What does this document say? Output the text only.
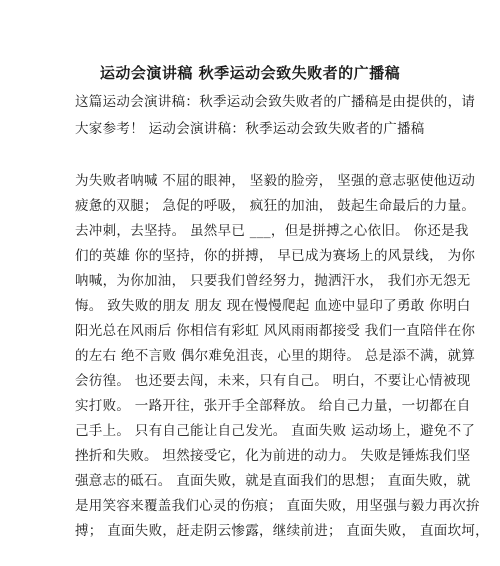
运动会演讲稿 秋季运动会致失败者的广播稿
这篇运动会演讲稿：秋季运动会致失败者的广播稿是由提供的，请
大家参考！ 运动会演讲稿：秋季运动会致失败者的广播稿
为失败者呐喊 不屈的眼神， 坚毅的脸旁， 坚强的意志驱使他迈动
疲惫的双腿； 急促的呼吸， 疯狂的加油， 鼓起生命最后的力量。
去冲刺，去坚持。 虽然早已 ___，但是拼搏之心依旧。 你还是我
们的英雄 你的坚持，你的拼搏， 早已成为赛场上的风景线， 为你
呐喊，为你加油， 只要我们曾经努力，抛洒汗水， 我们亦无怨无
悔。 致失败的朋友 朋友 现在慢慢爬起 血迹中显印了勇敢 你明白
阳光总在风雨后 你相信有彩虹 风风雨雨都接受 我们一直陪伴在你
的左右 绝不言败 偶尔难免沮丧，心里的期待。 总是添不满，就算
会彷徨。 也还要去闯，未来，只有自己。 明白，不要让心情被现
实打败。 一路开往，张开手全部释放。 给自己力量，一切都在自
己手上。 只有自己能让自己发光。 直面失败 运动场上，避免不了
挫折和失败。 坦然接受它，化为前进的动力。 失败是锤炼我们坚
强意志的砥石。 直面失败，就是直面我们的思想； 直面失败，就
是用笑容来覆盖我们心灵的伤痕； 直面失败，用坚强与毅力再次拚
搏； 直面失败，赶走阴云惨露，继续前进； 直面失败， 直面坎坷，
